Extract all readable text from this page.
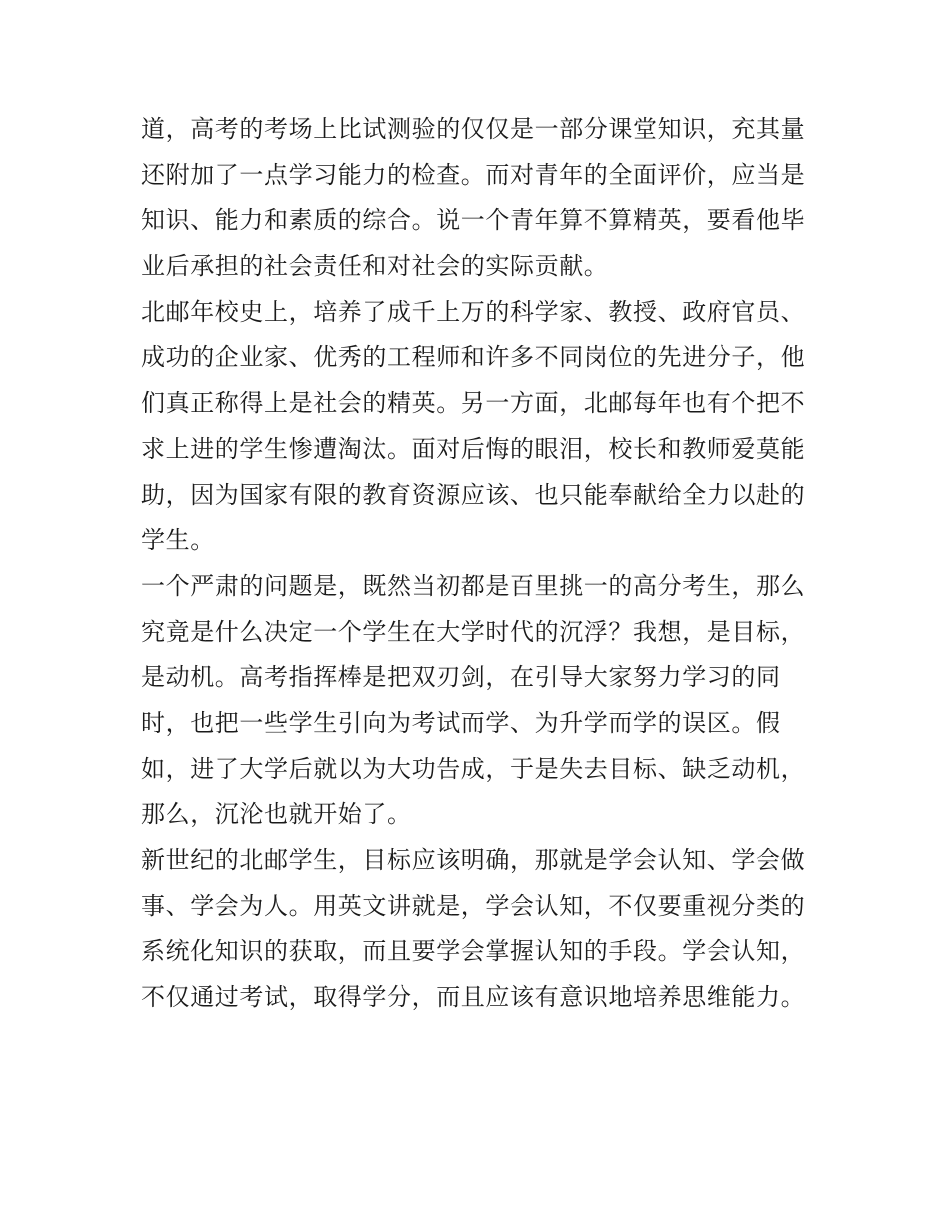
道，高考的考场上比试测验的仅仅是一部分课堂知识，充其量
还附加了一点学习能力的检查。而对青年的全面评价，应当是
知识、能力和素质的综合。说一个青年算不算精英，要看他毕
业后承担的社会责任和对社会的实际贡献。
北邮年校史上，培养了成千上万的科学家、教授、政府官员、
成功的企业家、优秀的工程师和许多不同岗位的先进分子，他
们真正称得上是社会的精英。另一方面，北邮每年也有个把不
求上进的学生惨遭淘汰。面对后悔的眼泪，校长和教师爱莫能
助，因为国家有限的教育资源应该、也只能奉献给全力以赴的
学生。
一个严肃的问题是，既然当初都是百里挑一的高分考生，那么
究竟是什么决定一个学生在大学时代的沉浮？我想，是目标，
是动机。高考指挥棒是把双刃剑，在引导大家努力学习的同
时，也把一些学生引向为考试而学、为升学而学的误区。假
如，进了大学后就以为大功告成，于是失去目标、缺乏动机，
那么，沉沦也就开始了。
新世纪的北邮学生，目标应该明确，那就是学会认知、学会做
事、学会为人。用英文讲就是，学会认知，不仅要重视分类的
系统化知识的获取，而且要学会掌握认知的手段。学会认知，
不仅通过考试，取得学分，而且应该有意识地培养思维能力。
